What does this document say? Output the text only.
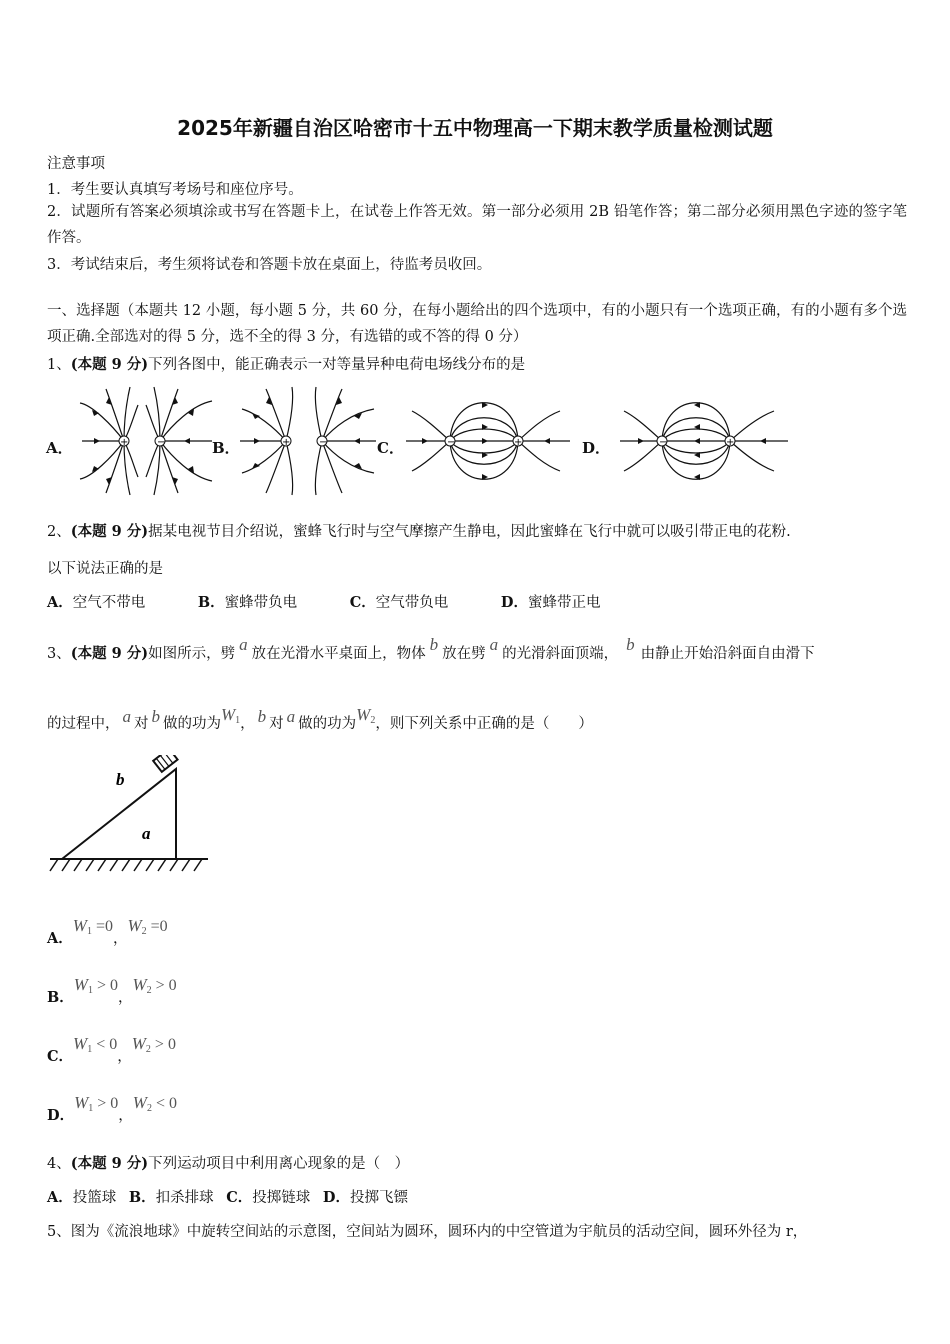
2025年新疆自治区哈密市十五中物理高一下期末教学质量检测试题
注意事项
1．考生要认真填写考场号和座位序号。
2．试题所有答案必须填涂或书写在答题卡上，在试卷上作答无效。第一部分必须用 2B 铅笔作答；第二部分必须用黑色字迹的签字笔作答。
3．考试结束后，考生须将试卷和答题卡放在桌面上，待监考员收回。
一、选择题（本题共 12 小题，每小题 5 分，共 60 分，在每小题给出的四个选项中，有的小题只有一个选项正确，有的小题有多个选项正确.全部选对的得 5 分，选不全的得 3 分，有选错的或不答的得 0 分）
1、(本题 9 分)下列各图中，能正确表示一对等量异种电荷电场线分布的是
A．	B．	C．	D．
+	−	+	−	−	+	−	+
2、(本题 9 分)据某电视节目介绍说，蜜蜂飞行时与空气摩擦产生静电，因此蜜蜂在飞行中就可以吸引带正电的花粉.
以下说法正确的是
A．空气不带电	B．蜜蜂带负电	C．空气带负电	D．蜜蜂带正电
3、(本题 9 分)如图所示，劈 a 放在光滑水平桌面上，物体 b 放在劈 a 的光滑斜面顶端， b 由静止开始沿斜面自由滑下
的过程中， a 对 b 做的功为$W_1$， b 对 a 做的功为$W_2$，则下列关系中正确的是（　　）
b
a
A．$W_1 =0$，$W_2 =0$
B．$W_1 > 0$，$W_2 > 0$
C．$W_1 < 0$，$W_2 > 0$
D．$W_1 > 0$，$W_2 < 0$
4、(本题 9 分)下列运动项目中利用离心现象的是（　）
A．投篮球 B．扣杀排球 C．投掷链球 D．投掷飞镖
5、图为《流浪地球》中旋转空间站的示意图，空间站为圆环，圆环内的中空管道为宇航员的活动空间，圆环外径为 r，
